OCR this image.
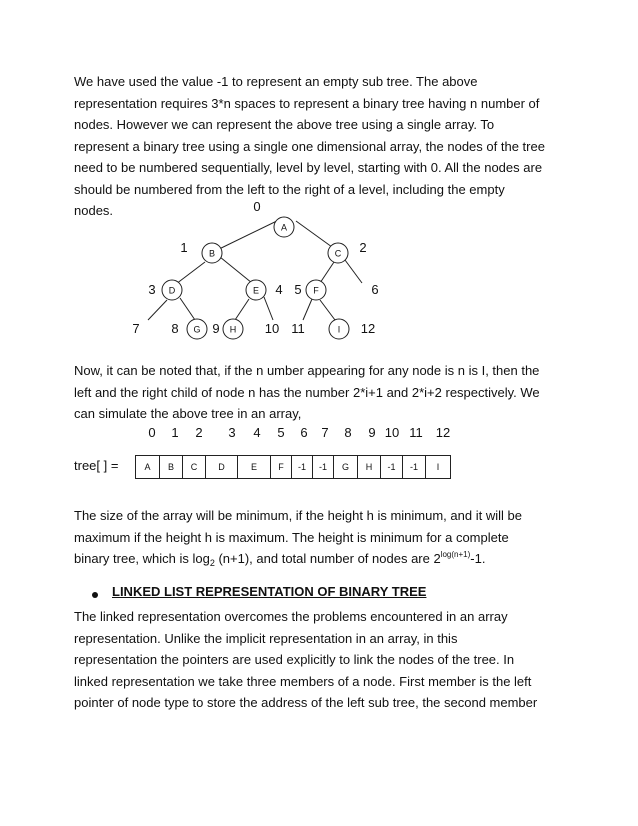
We have used the value -1 to represent an empty sub tree. The above
representation requires 3*n spaces to represent a binary tree having n number of
nodes. However we can represent the above tree using a single array. To
represent a binary tree using a single one dimensional array, the nodes of the tree
need to be numbered sequentially, level by level, starting with 0. All the nodes are
should be numbered from the left to the right of a level, including the empty
nodes.
A
B	C
D	E	F
G	H	I
0
1	2
3	4 5	6
7 8	9	10 11	12
Now, it can be noted that, if the n umber appearing for any node is n is I, then the
left and the right child of node n has the number 2*i+1 and 2*i+2 respectively. We
can simulate the above tree in an array,
0	1	2	3	4	5	6	7	8	9 10 11	12
tree[ ] =	A	B	C	D	E	F	-1	-1	G	H	-1	-1	I
The size of the array will be minimum, if the height h is minimum, and it will be
maximum if the height h is maximum. The height is minimum for a complete
binary tree, which is $\log_2 (n+1)$, and total number of nodes are $2^{log(n+1)}-1$.
LINKED LIST REPRESENTATION OF BINARY TREE
The linked representation overcomes the problems encountered in an array
representation. Unlike the implicit representation in an array, in this
representation the pointers are used explicitly to link the nodes of the tree. In
linked representation we take three members of a node. First member is the left
pointer of node type to store the address of the left sub tree, the second member
